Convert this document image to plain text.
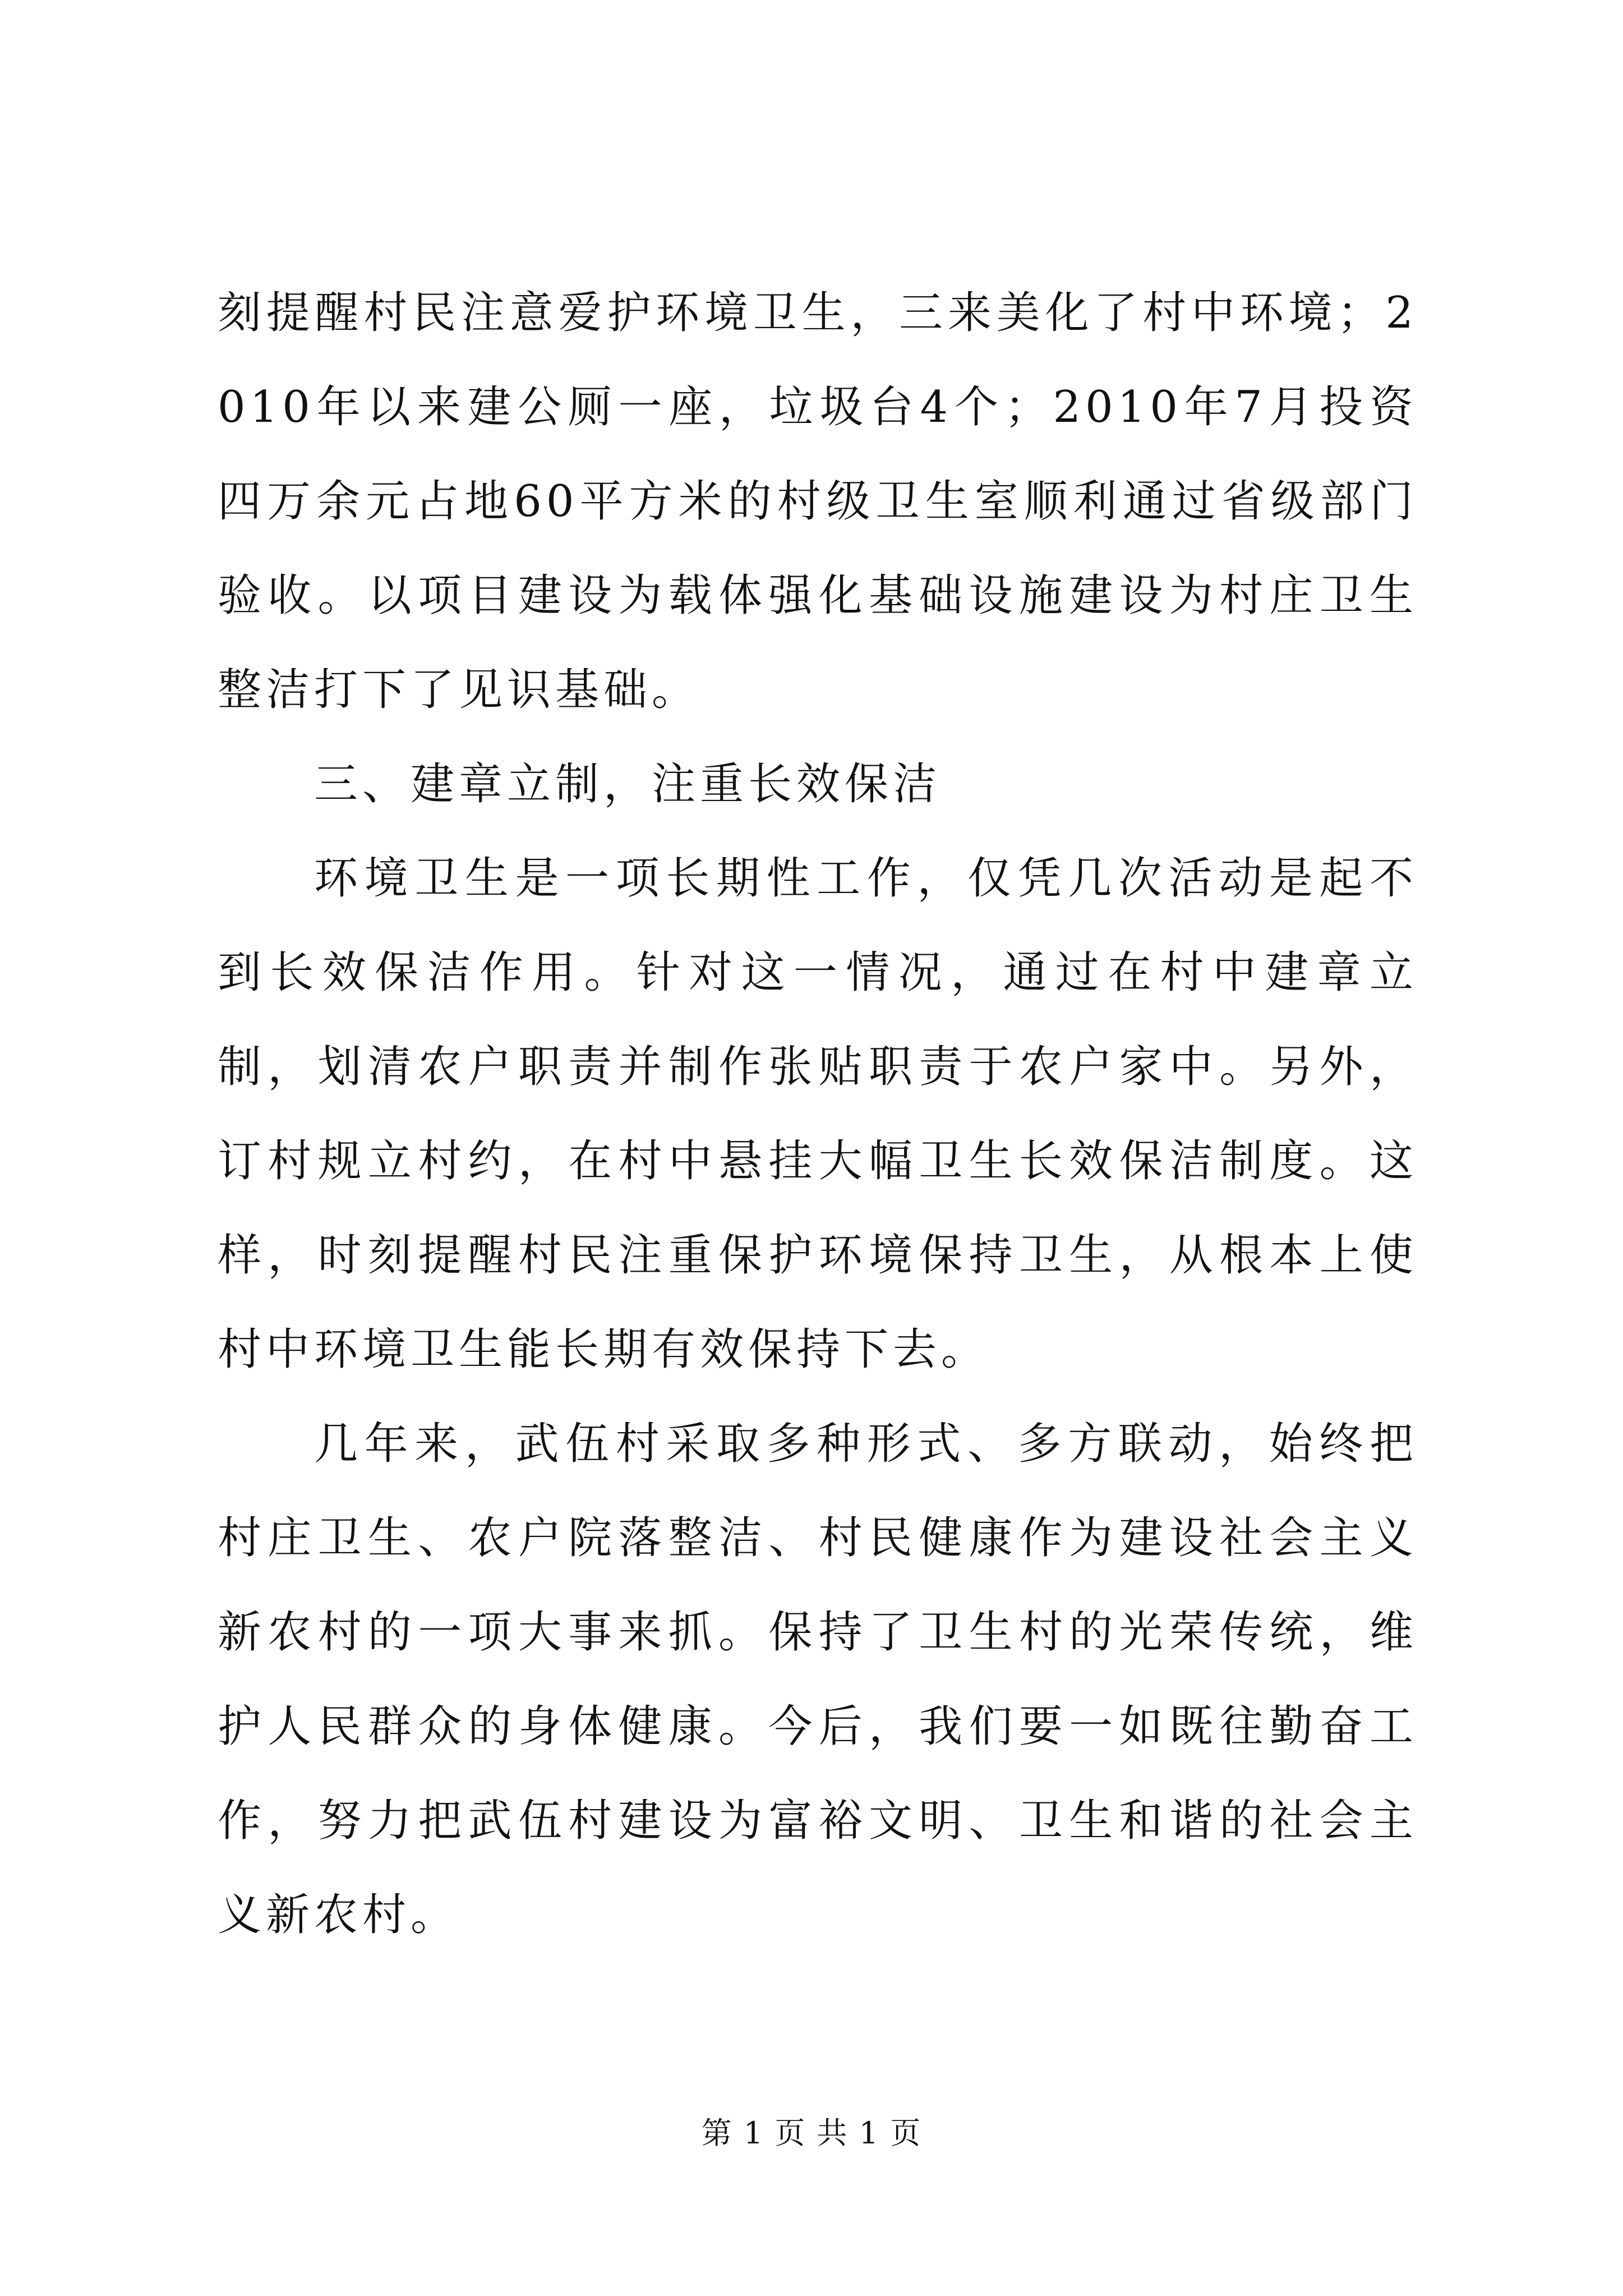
刻提醒村民注意爱护环境卫生，三来美化了村中环境；2010年以来建公厕一座，垃圾台4个；2010年7月投资四万余元占地60平方米的村级卫生室顺利通过省级部门验收。以项目建设为载体强化基础设施建设为村庄卫生整洁打下了见识基础。

三、建章立制，注重长效保洁

环境卫生是一项长期性工作，仅凭几次活动是起不到长效保洁作用。针对这一情况，通过在村中建章立制，划清农户职责并制作张贴职责于农户家中。另外，订村规立村约，在村中悬挂大幅卫生长效保洁制度。这样，时刻提醒村民注重保护环境保持卫生，从根本上使村中环境卫生能长期有效保持下去。

几年来，武伍村采取多种形式、多方联动，始终把村庄卫生、农户院落整洁、村民健康作为建设社会主义新农村的一项大事来抓。保持了卫生村的光荣传统，维护人民群众的身体健康。今后，我们要一如既往勤奋工作，努力把武伍村建设为富裕文明、卫生和谐的社会主义新农村。

第 1 页 共 1 页
